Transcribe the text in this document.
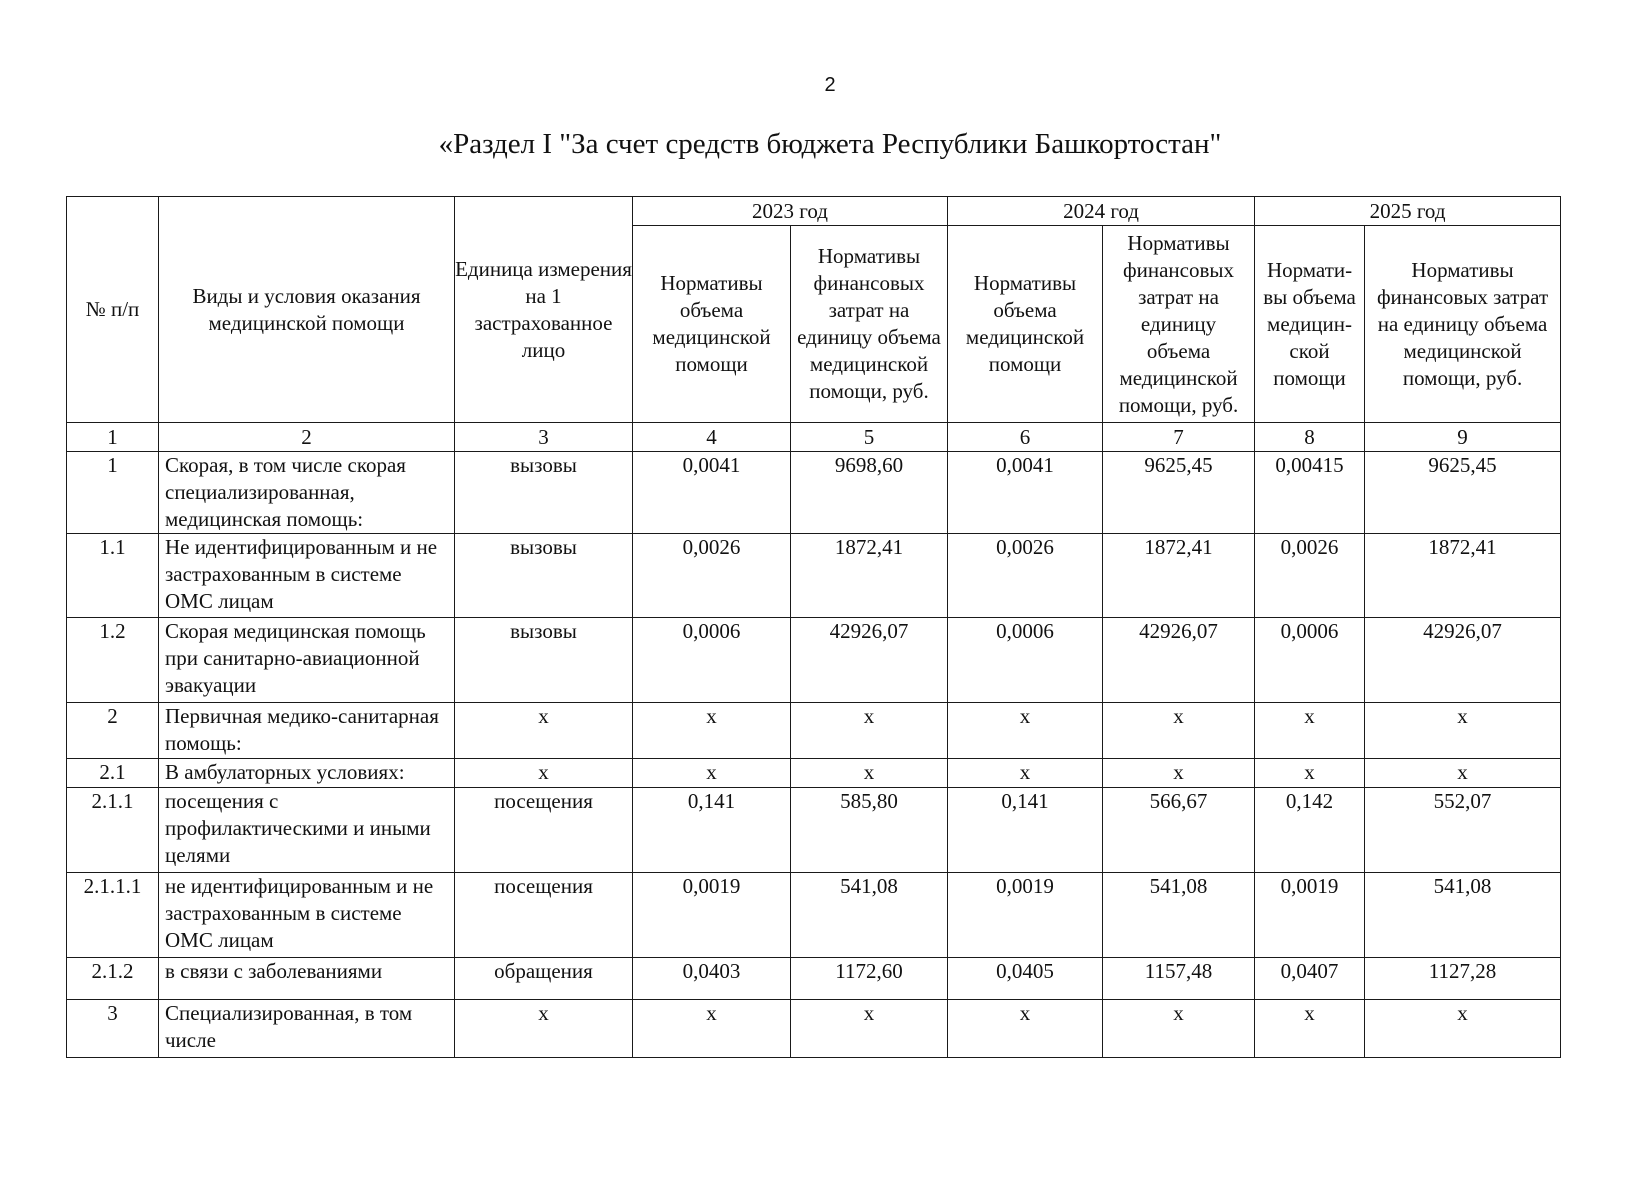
2
«Раздел I "За счет средств бюджета Республики Башкортостан"
№ п/п	Виды и условия оказания медицинской помощи	Единица измерения на 1 застрахованное лицо	2023 год		2024 год		2025 год	
			Нормативы объема медицинской помощи	Нормативы финансовых затрат на единицу объема медицинской помощи, руб.	Нормативы объема медицинской помощи	Нормативы финансовых затрат на единицу объема медицинской помощи, руб.	Нормати-вы объема медицин-ской помощи	Нормативы финансовых затрат на единицу объема медицинской помощи, руб.
1	2	3	4	5	6	7	8	9
1	Скорая, в том числе скорая специализированная, медицинская помощь:	вызовы	0,0041	9698,60	0,0041	9625,45	0,00415	9625,45
1.1	Не идентифицированным и не застрахованным в системе ОМС лицам	вызовы	0,0026	1872,41	0,0026	1872,41	0,0026	1872,41
1.2	Скорая медицинская помощь при санитарно-авиационной эвакуации	вызовы	0,0006	42926,07	0,0006	42926,07	0,0006	42926,07
2	Первичная медико-санитарная помощь:	х	х	х	х	х	х	х
2.1	В амбулаторных условиях:	х	х	х	х	х	х	х
2.1.1	посещения с профилактическими и иными целями	посещения	0,141	585,80	0,141	566,67	0,142	552,07
2.1.1.1	не идентифицированным и не застрахованным в системе ОМС лицам	посещения	0,0019	541,08	0,0019	541,08	0,0019	541,08
2.1.2	в связи с заболеваниями	обращения	0,0403	1172,60	0,0405	1157,48	0,0407	1127,28
3	Специализированная, в том числе	х	х	х	х	х	х	х
